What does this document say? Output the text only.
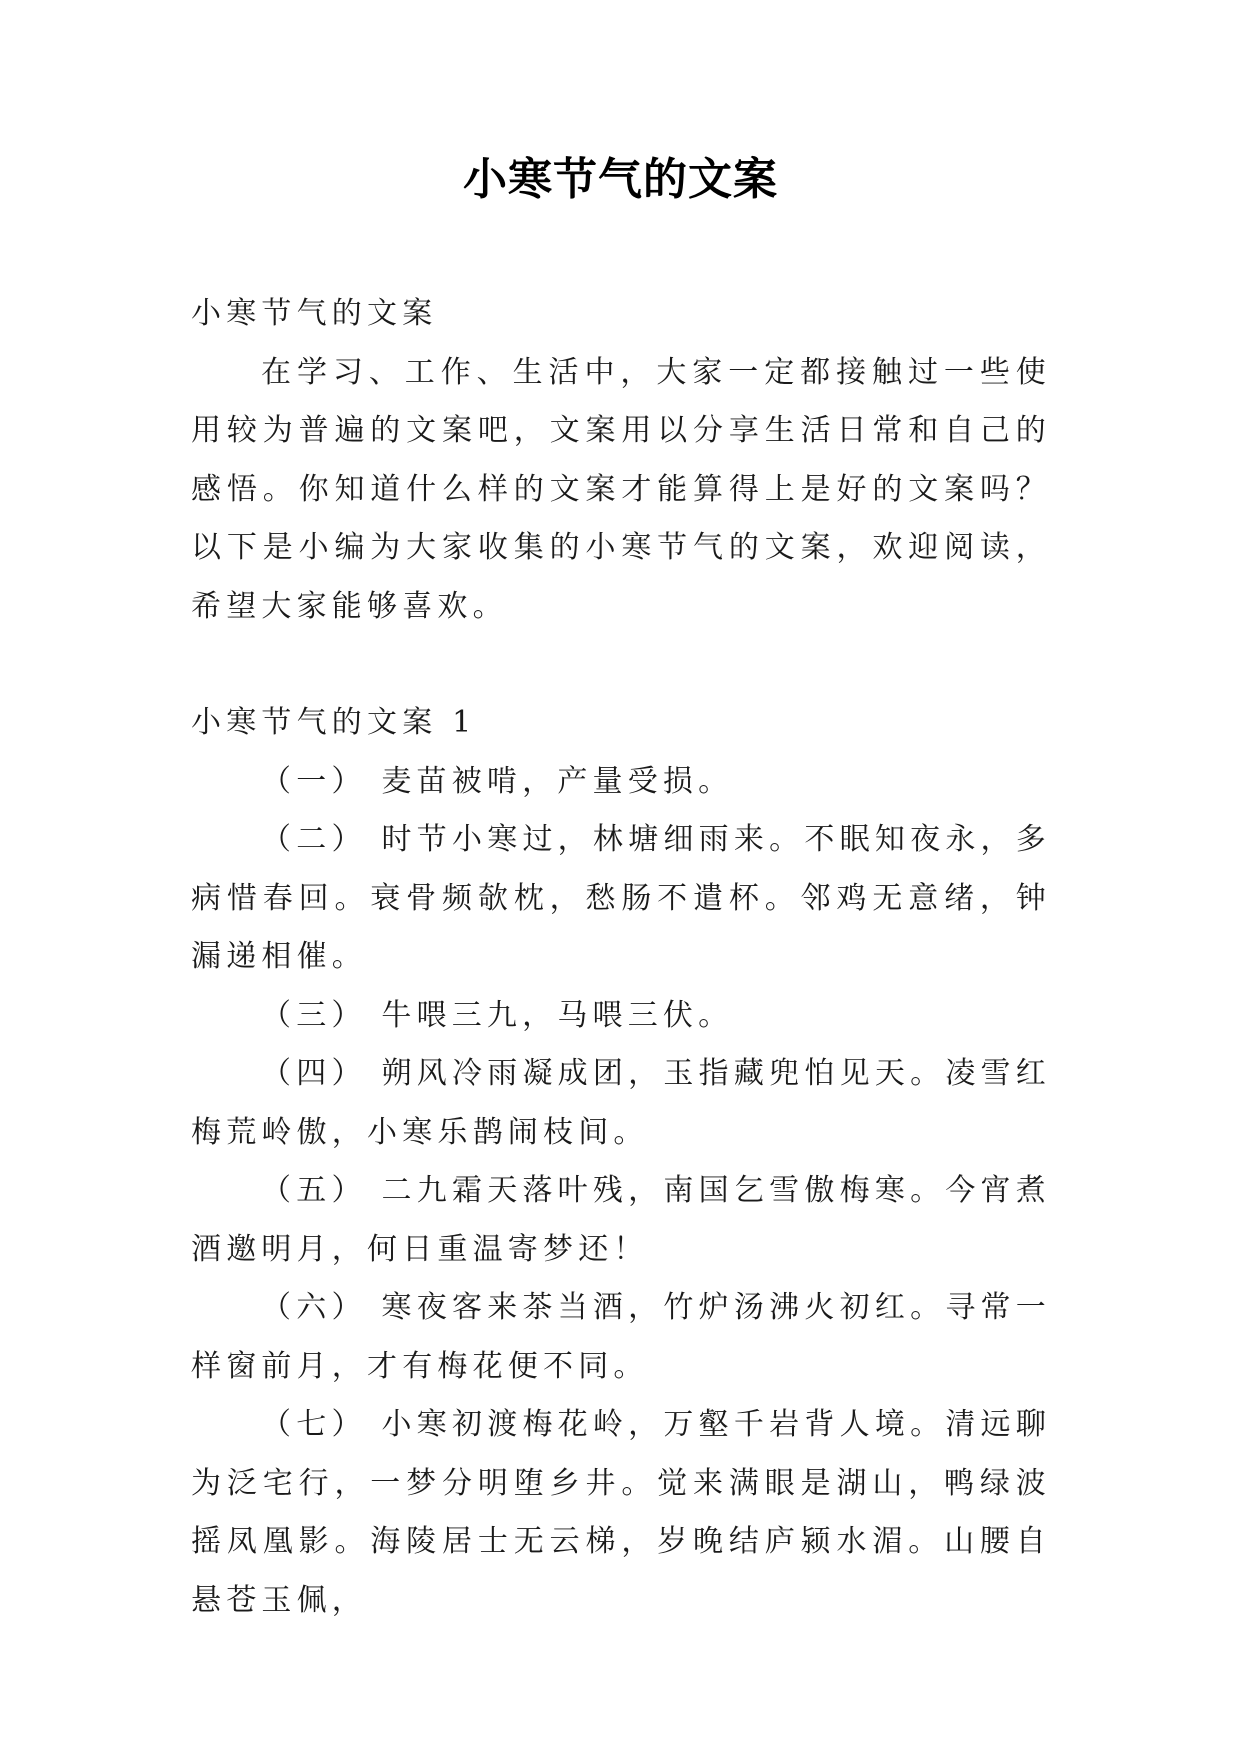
小寒节气的文案

小寒节气的文案

在学习、工作、生活中，大家一定都接触过一些使用较为普遍的文案吧，文案用以分享生活日常和自己的感悟。你知道什么样的文案才能算得上是好的文案吗？以下是小编为大家收集的小寒节气的文案，欢迎阅读，希望大家能够喜欢。

小寒节气的文案 1

（一） 麦苗被啃，产量受损。

（二） 时节小寒过，林塘细雨来。不眠知夜永，多病惜春回。衰骨频欹枕，愁肠不遣杯。邻鸡无意绪，钟漏递相催。

（三） 牛喂三九，马喂三伏。

（四） 朔风冷雨凝成团，玉指藏兜怕见天。凌雪红梅荒岭傲，小寒乐鹊闹枝间。

（五） 二九霜天落叶残，南国乞雪傲梅寒。今宵煮酒邀明月，何日重温寄梦还！

（六） 寒夜客来茶当酒，竹炉汤沸火初红。寻常一样窗前月，才有梅花便不同。

（七） 小寒初渡梅花岭，万壑千岩背人境。清远聊为泛宅行，一梦分明堕乡井。觉来满眼是湖山，鸭绿波摇凤凰影。海陵居士无云梯，岁晚结庐颍水湄。山腰自悬苍玉佩，
